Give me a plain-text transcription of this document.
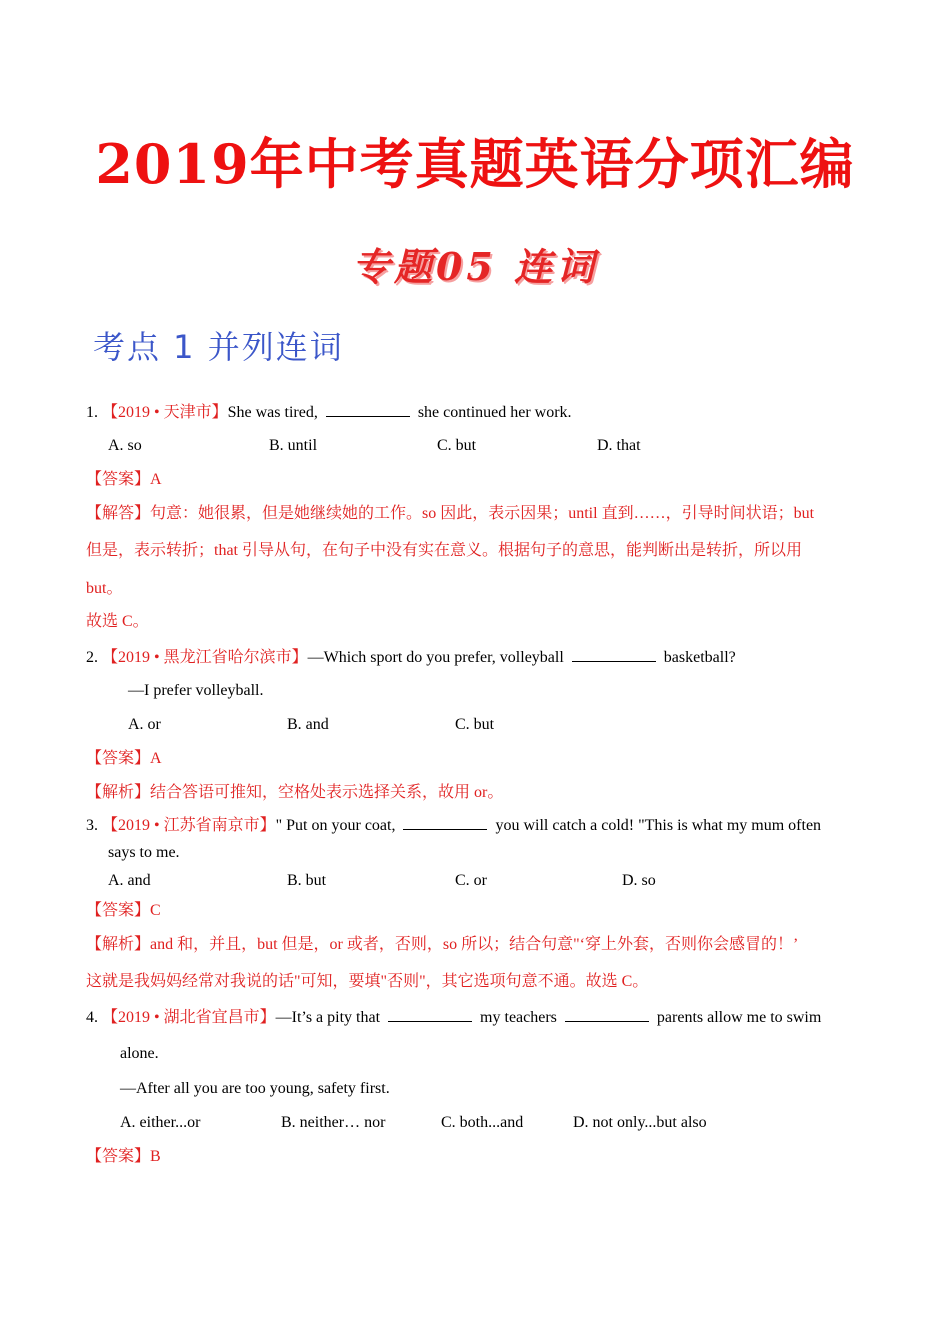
2019年中考真题英语分项汇编
专题05 连词
考点 1 并列连词
1. 【2019 • 天津市】She was tired,	she continued her work.
A. so	B. until	C. but	D. that
【答案】A
【解答】句意：她很累，但是她继续她的工作。so 因此，表示因果；until 直到……，引导时间状语；but
但是，表示转折；that 引导从句，在句子中没有实在意义。根据句子的意思，能判断出是转折，所以用
but。
故选 C。
2. 【2019 • 黑龙江省哈尔滨市】—Which sport do you prefer, volleyball	basketball?
—I prefer volleyball.
A. or	B. and	C. but
【答案】A
【解析】结合答语可推知，空格处表示选择关系，故用 or。
3. 【2019 • 江苏省南京市】" Put on your coat,	you will catch a cold! "This is what my mum often
says to me.
A. and	B. but	C. or	D. so
【答案】C
【解析】and 和，并且，but 但是，or 或者，否则，so 所以；结合句意"‘穿上外套，否则你会感冒的！’
这就是我妈妈经常对我说的话"可知，要填"否则"，其它选项句意不通。故选 C。
4. 【2019 • 湖北省宜昌市】—It’s a pity that	my teachers	parents allow me to swim
alone.
—After all you are too young, safety first.
A. either...or	B. neither… nor	C. both...and	D. not only...but also
【答案】B
